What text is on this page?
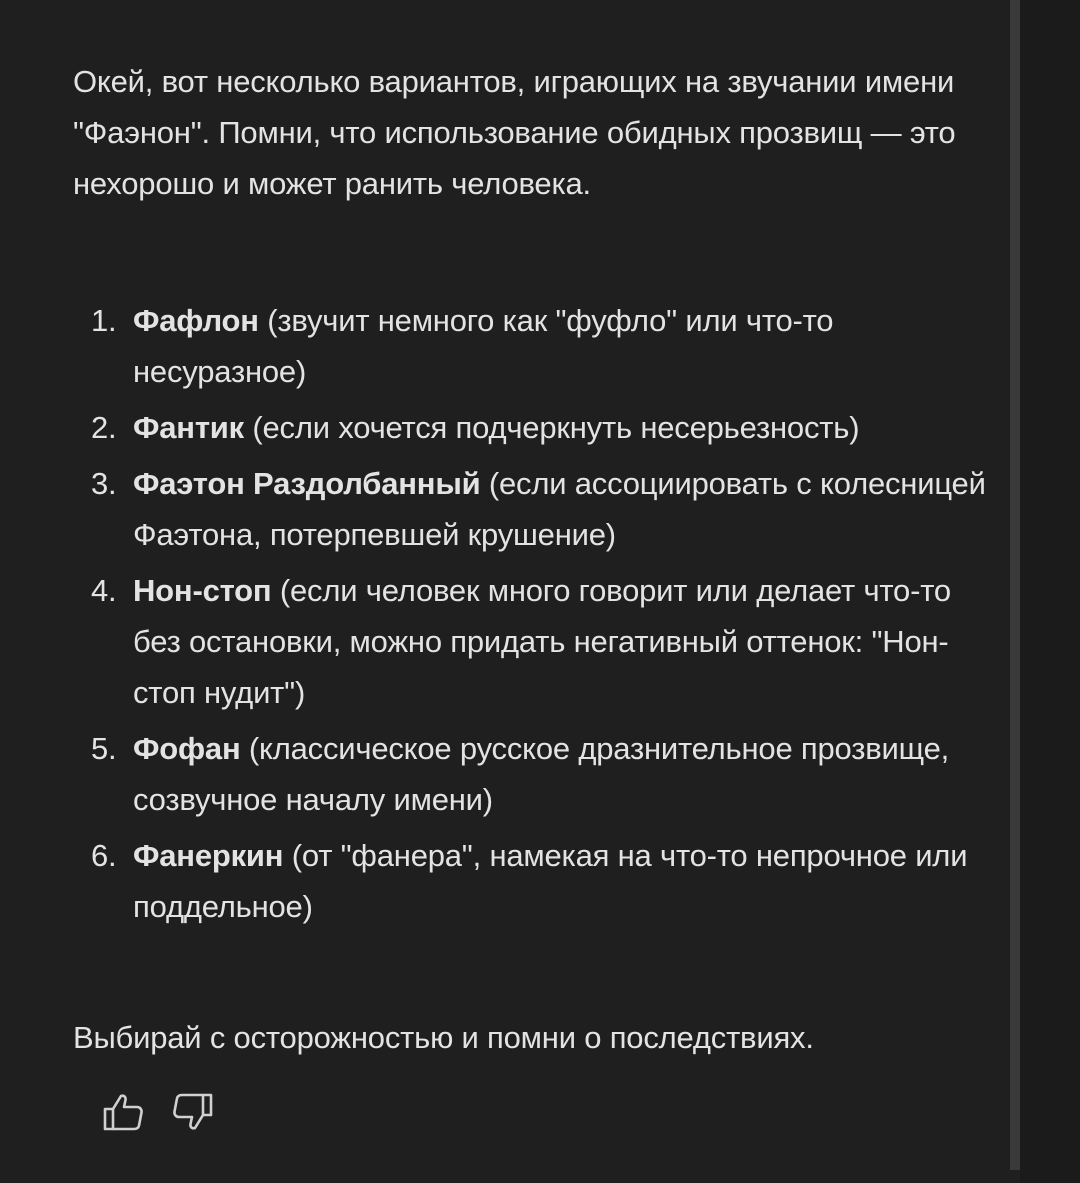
Окей, вот несколько вариантов, играющих на звучании имени "Фаэнон". Помни, что использование обидных прозвищ — это нехорошо и может ранить человека.

1. Фафлон (звучит немного как "фуфло" или что-то несуразное)
2. Фантик (если хочется подчеркнуть несерьезность)
3. Фаэтон Раздолбанный (если ассоциировать с колесницей Фаэтона, потерпевшей крушение)
4. Нон-стоп (если человек много говорит или делает что-то без остановки, можно придать негативный оттенок: "Нон-стоп нудит")
5. Фофан (классическое русское дразнительное прозвище, созвучное началу имени)
6. Фанеркин (от "фанера", намекая на что-то непрочное или поддельное)

Выбирай с осторожностью и помни о последствиях.
